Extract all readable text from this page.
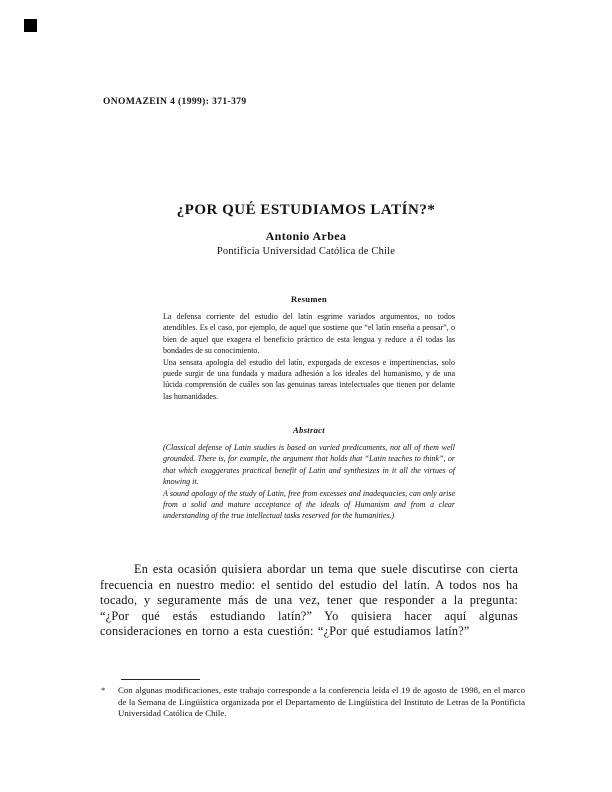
ONOMAZEIN 4 (1999): 371-379
¿POR QUÉ ESTUDIAMOS LATÍN?*
Antonio Arbea
Pontificia Universidad Católica de Chile
Resumen

La defensa corriente del estudio del latín esgrime variados argumentos, no todos atendibles. Es el caso, por ejemplo, de aquel que sostiene que “el latín enseña a pensar”, o bien de aquel que exagera el beneficio práctico de esta lengua y reduce a él todas las bondades de su conocimiento.

Una sensata apología del estudio del latín, expurgada de excesos e impertinencias, solo puede surgir de una fundada y madura adhesión a los ideales del humanismo, y de una lúcida comprensión de cuáles son las genuinas tareas intelectuales que tienen por delante las humanidades.

Abstract

(Classical defense of Latin studies is based on varied predicaments, not all of them well grounded. There is, for example, the argument that holds that “Latin teaches to think”, or that which exaggerates practical benefit of Latin and synthesizes in it all the virtues of knowing it.

A sound apology of the study of Latin, free from excesses and inadequacies, can only arise from a solid and mature acceptance of the ideals of Humanism and from a clear understanding of the true intellectual tasks reserved for the humanities.)

En esta ocasión quisiera abordar un tema que suele discutirse con cierta frecuencia en nuestro medio: el sentido del estudio del latín. A todos nos ha tocado, y seguramente más de una vez, tener que responder a la pregunta: “¿Por qué estás estudiando latín?” Yo quisiera hacer aquí algunas consideraciones en torno a esta cuestión: “¿Por qué estudiamos latín?”
*	Con algunas modificaciones, este trabajo corresponde a la conferencia leída el 19 de agosto de 1998, en el marco de la Semana de Lingüística organizada por el Departamento de Lingüística del Instituto de Letras de la Pontificia Universidad Católica de Chile.
